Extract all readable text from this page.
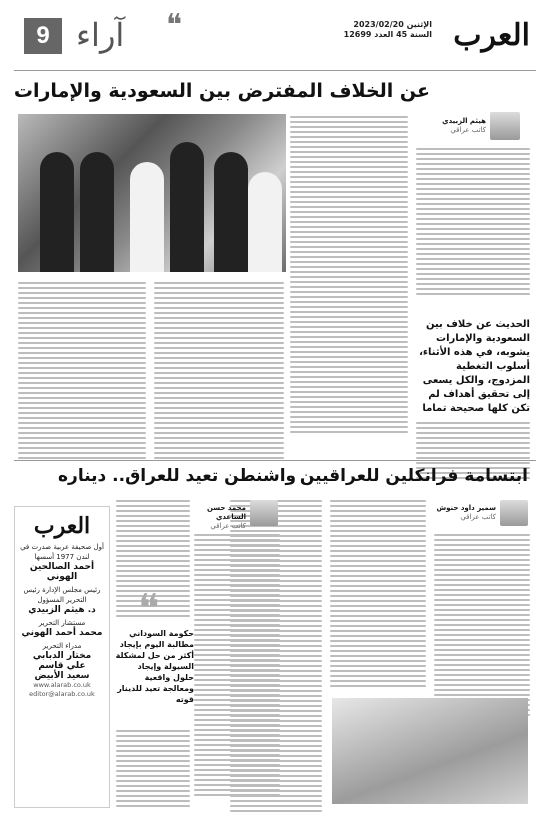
العرب
الإثنين 2023/02/20
السنة 45 العدد 12699
❝
آراء
9
عن الخلاف المفترض بين السعودية والإمارات
هيثم الزبيدي
كاتب عراقي
الحديث عن خلاف بين السعودية والإمارات يشوبه، في هذه الأثناء، أسلوب التغطية المزدوج، والكل يسعى إلى تحقيق أهداف لم تكن كلها صحيحة تماما
ابتسامة فرانكلين للعراقيين
واشنطن تعيد للعراق.. ديناره
العرب
أول صحيفة عربية صدرت في لندن 1977 أسسها
أحمد الصالحين الهوني
رئيس مجلس الإدارة رئيس التحرير المسؤول
د. هيثم الزبيدي
مستشار التحرير
محمد أحمد الهوني
مدراء التحرير
مختار الدبابي
علي قاسم
سعيد الأبيض
www.alarab.co.uk
editor@alarab.co.uk
سمير داود حنوش
كاتب عراقي
محمد حسن الساعدي
كاتب عراقي
❝
حكومة السوداني مطالبة اليوم بإيجاد أكثر من حل لمشكلة السيولة وإيجاد حلول واقعية ومعالجة تعيد للدينار قوته
